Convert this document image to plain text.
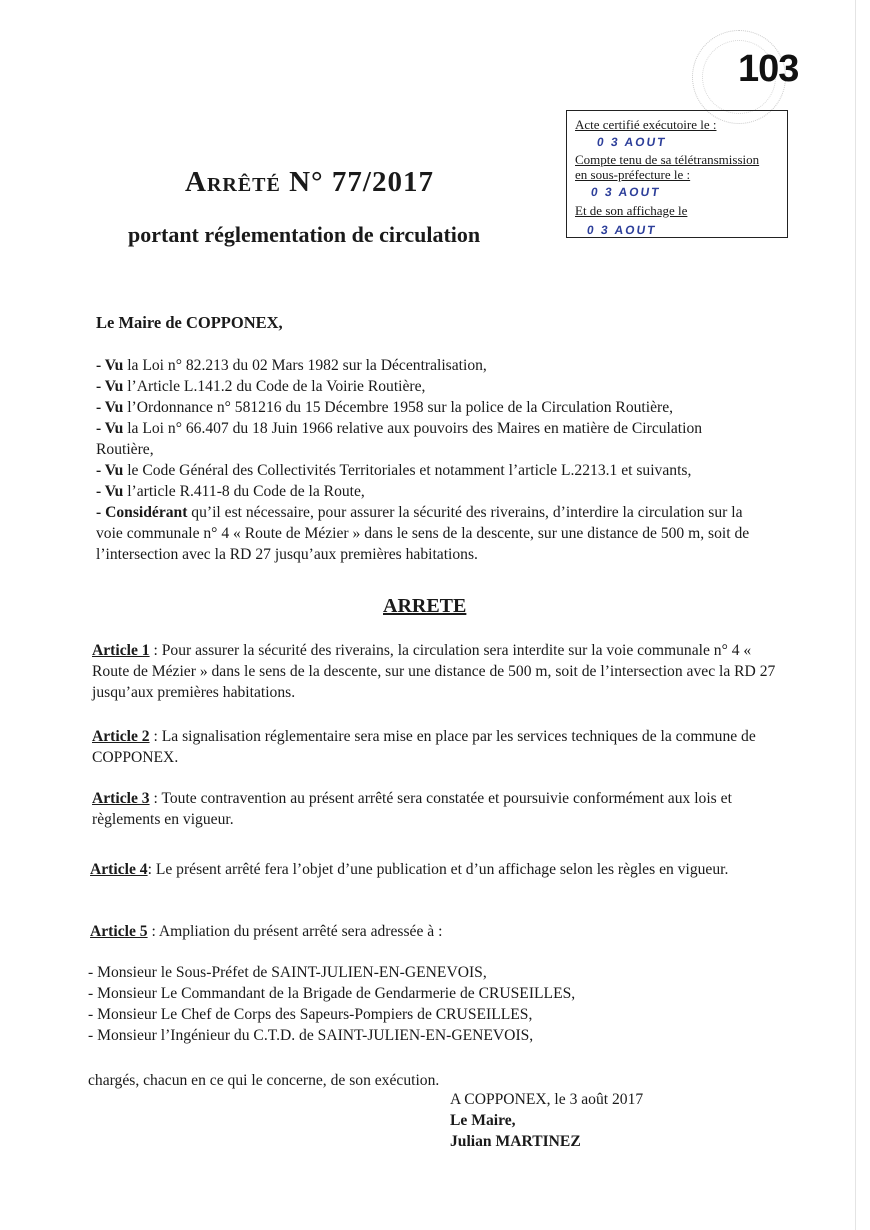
103
Acte certifié exécutoire le :
0 3 AOUT
Compte tenu de sa télétransmission
en sous-préfecture le :
0 3 AOUT
Et de son affichage le
0 3 AOUT
Arrêté N° 77/2017
portant réglementation de circulation
Le Maire de COPPONEX,
- Vu la Loi n° 82.213 du 02 Mars 1982 sur la Décentralisation,
- Vu l’Article L.141.2 du Code de la Voirie Routière,
- Vu l’Ordonnance n° 581216 du 15 Décembre 1958 sur la police de la Circulation Routière,
- Vu la Loi n° 66.407 du 18 Juin 1966 relative aux pouvoirs des Maires en matière de Circulation Routière,
- Vu le Code Général des Collectivités Territoriales et notamment l’article L.2213.1 et suivants,
- Vu l’article R.411-8 du Code de la Route,
- Considérant qu’il est nécessaire, pour assurer la sécurité des riverains, d’interdire la circulation sur la voie communale n° 4 « Route de Mézier » dans le sens de la descente, sur une distance de 500 m, soit de l’intersection avec la RD 27 jusqu’aux premières habitations.
ARRETE
Article 1 : Pour assurer la sécurité des riverains, la circulation sera interdite sur la voie communale n° 4 « Route de Mézier » dans le sens de la descente, sur une distance de 500 m, soit de l’intersection avec la RD 27 jusqu’aux premières habitations.
Article 2 : La signalisation réglementaire sera mise en place par les services techniques de la commune de COPPONEX.
Article 3 : Toute contravention au présent arrêté sera constatée et poursuivie conformément aux lois et règlements en vigueur.
Article 4: Le présent arrêté fera l’objet d’une publication et d’un affichage selon les règles en vigueur.
Article 5 : Ampliation du présent arrêté sera adressée à :
- Monsieur le Sous-Préfet de SAINT-JULIEN-EN-GENEVOIS,
- Monsieur Le Commandant de la Brigade de Gendarmerie de CRUSEILLES,
- Monsieur Le Chef de Corps des Sapeurs-Pompiers de CRUSEILLES,
- Monsieur l’Ingénieur du C.T.D. de SAINT-JULIEN-EN-GENEVOIS,
chargés, chacun en ce qui le concerne, de son exécution.
A COPPONEX, le 3 août 2017
Le Maire,
Julian MARTINEZ
